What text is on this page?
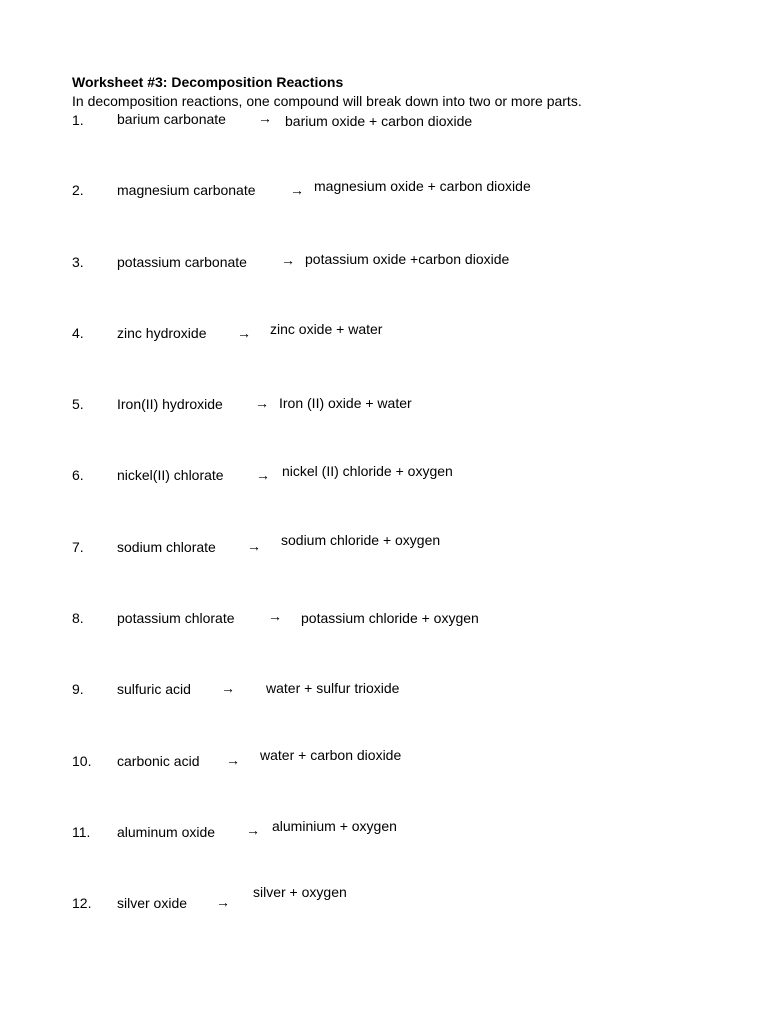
Worksheet #3: Decomposition Reactions
In decomposition reactions, one compound will break down into two or more parts.
1. barium carbonate → barium oxide + carbon dioxide
2. magnesium carbonate → magnesium oxide + carbon dioxide
3. potassium carbonate → potassium oxide +carbon dioxide
4. zinc hydroxide → zinc oxide + water
5. Iron(II) hydroxide → Iron (II) oxide + water
6. nickel(II) chlorate → nickel (II) chloride + oxygen
7. sodium chlorate → sodium chloride + oxygen
8. potassium chlorate → potassium chloride + oxygen
9. sulfuric acid → water + sulfur trioxide
10. carbonic acid → water + carbon dioxide
11. aluminum oxide → aluminium + oxygen
12. silver oxide →
silver + oxygen
